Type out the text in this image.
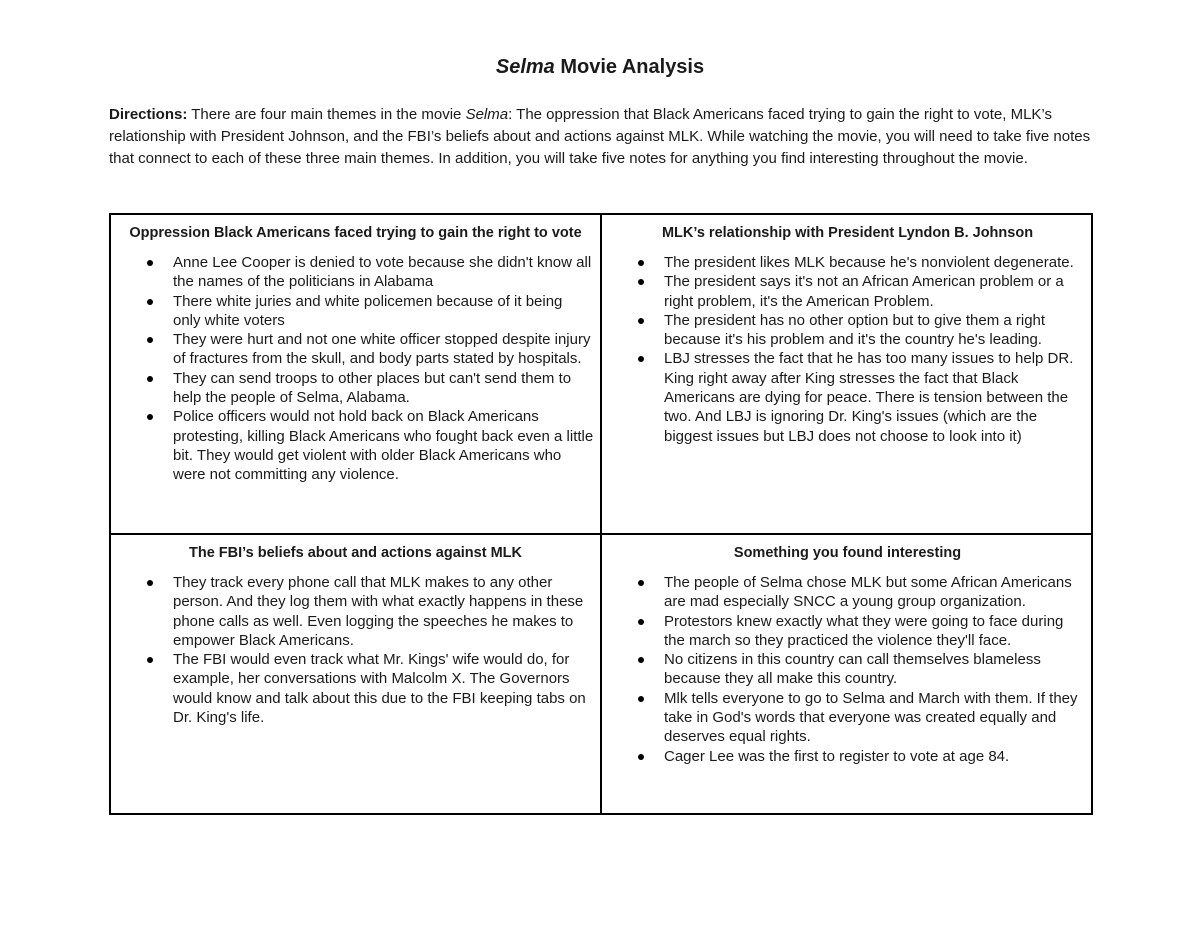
Selma Movie Analysis
Directions: There are four main themes in the movie Selma: The oppression that Black Americans faced trying to gain the right to vote, MLK’s relationship with President Johnson, and the FBI’s beliefs about and actions against MLK. While watching the movie, you will need to take five notes that connect to each of these three main themes. In addition, you will take five notes for anything you find interesting throughout the movie.
Oppression Black Americans faced trying to gain the right to vote
Anne Lee Cooper is denied to vote because she didn't know all the names of the politicians in Alabama
There white juries and white policemen because of it being only white voters
They were hurt and not one white officer stopped despite injury of fractures from the skull, and body parts stated by hospitals.
They can send troops to other places but can't send them to help the people of Selma, Alabama.
Police officers would not hold back on Black Americans protesting, killing Black Americans who fought back even a little bit. They would get violent with older Black Americans who were not committing any violence.
MLK’s relationship with President Lyndon B. Johnson
The president likes MLK because he's nonviolent degenerate.
The president says it's not an African American problem or a right problem, it's the American Problem.
The president has no other option but to give them a right because it's his problem and it's the country he's leading.
LBJ stresses the fact that he has too many issues to help DR. King right away after King stresses the fact that Black Americans are dying for peace. There is tension between the two. And LBJ is ignoring Dr. King's issues (which are the biggest issues but LBJ does not choose to look into it)
The FBI’s beliefs about and actions against MLK
They track every phone call that MLK makes to any other person. And they log them with what exactly happens in these phone calls as well. Even logging the speeches he makes to empower Black Americans.
The FBI would even track what Mr. Kings' wife would do, for example, her conversations with Malcolm X. The Governors would know and talk about this due to the FBI keeping tabs on Dr. King's life.
Something you found interesting
The people of Selma chose MLK but some African Americans are mad especially SNCC a young group organization.
Protestors knew exactly what they were going to face during the march so they practiced the violence they'll face.
No citizens in this country can call themselves blameless because they all make this country.
Mlk tells everyone to go to Selma and March with them. If they take in God's words that everyone was created equally and deserves equal rights.
Cager Lee was the first to register to vote at age 84.
